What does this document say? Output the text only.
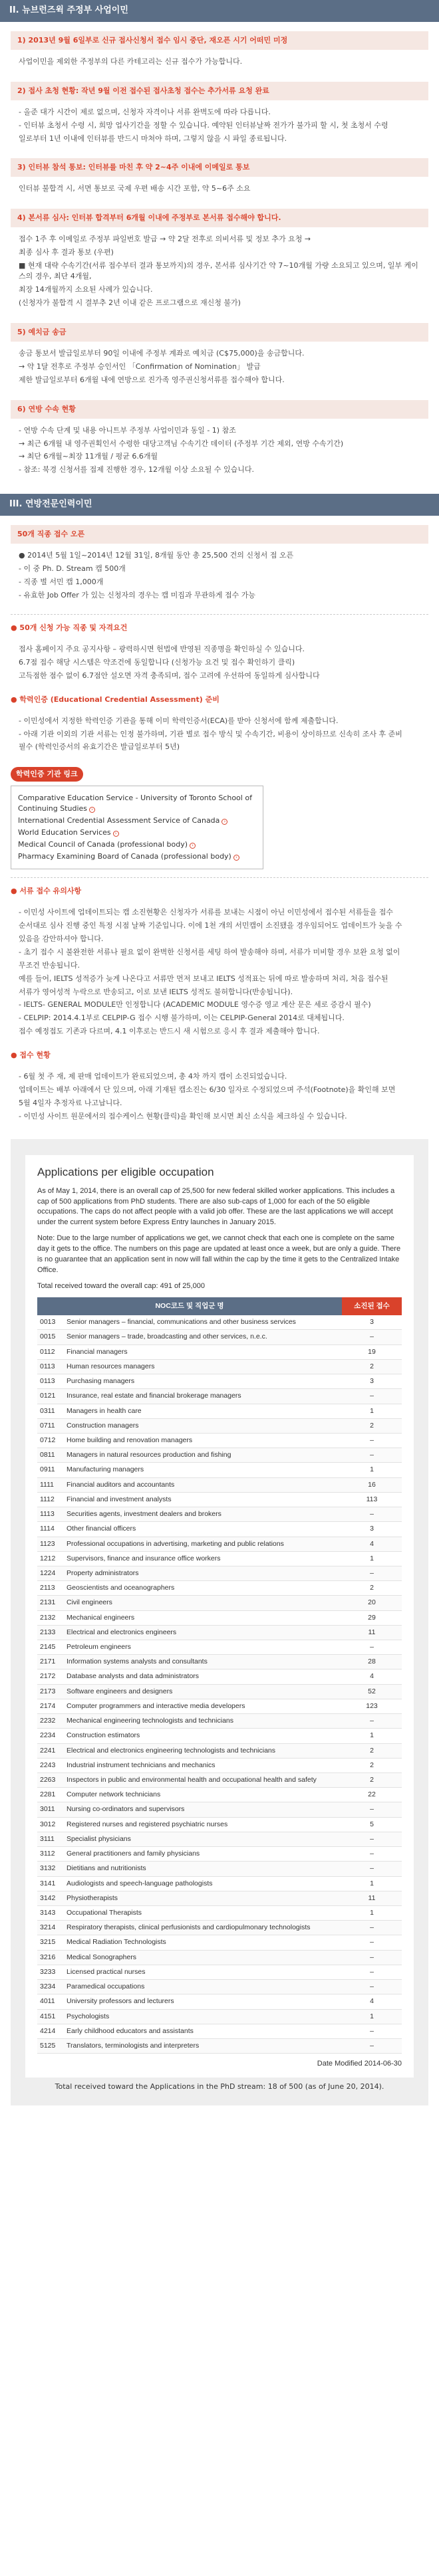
II. 뉴브런즈윅 주정부 사업이민
1) 2013년 9월 6일부로 신규 접사신청서 접수 임시 중단, 재오픈 시기 어떠민 미정

사업이민을 제외한 주정부의 다른 카테고리는 신규 접수가 가능합니다.

2) 접사 초청 현황: 작년 9월 이전 접수된 접사초청 접수는 추가서류 요청 완료

- 올준 대가 시간이 제로 없으며, 신청자 자격이나 서류 완벽도에 따라 다릅니다.

- 인터뷰 초청서 수령 시, 희망 업사기간을 정할 수 있습니다. 예약된 인터뷰날짜 전가가 불가피 할 시, 첫 초청서 수령

일로부터 1년 이내에 인터뷰를 반드시 마쳐야 하며, 그렇지 않을 시 파일 종료됩니다.

3) 인터뷰 참석 통보: 인터뷰를 마친 후 약 2~4주 이내에 이메일로 통보

인터뷰 불합격 시, 서면 통보로 국제 우편 배송 시간 포함, 약 5~6주 소요

4) 본서류 심사: 인터뷰 합격부터 6개월 이내에 주정부로 본서류 접수해야 합니다.

접수 1주 후 이메일로 주정부 파일번호 발급 → 약 2달 전후로 의비서류 및 정보 추가 요청 →

최종 심사 후 결과 통보 (우편)

■ 현재 대략 수속기간(서류 접수부터 결과 통보까지)의 경우, 본서류 심사기간 약 7~10개월 가량 소요되고 있으며, 일부 케이스의 경우, 최단 4개월,

최장 14개월까지 소요된 사례가 있습니다.

(신청자가 불합격 시 결부추 2년 이내 같은 프로그램으로 재신청 불가)

5) 예치금 송금

송금 통보서 발급일로부터 90일 이내에 주정부 계좌로 예치금 (C$75,000)을 송금합니다.

→ 약 1달 전후로 주정부 승인서인 「Confirmation of Nomination」 발급

제한 발급일로부터 6개월 내에 연방으로 진가족 영주권신청서류를 접수해야 합니다.

6) 연방 수속 현황

- 연방 수속 단계 및 내용 아니트부 주정부 사업이민과 동일 - 1) 참조

→ 최근 6개월 내 영주권획인서 수령한 대당고객님 수속기간 데이터 (주정부 기간 제외, 연방 수속기간)

→ 최단 6개월~최장 11개월 / 평균 6.6개월

- 참조: 북경 신청서를 접제 진행한 경우, 12개월 이상 소요될 수 있습니다.

III. 연방전문인력이민
50개 직종 접수 오픈

● 2014년 5월 1일~2014년 12월 31일, 8개월 동안 총 25,500 건의 신청서 접 오픈

- 이 중 Ph. D. Stream 캡 500개

- 직종 별 서민 캡 1,000개

- 유효한 Job Offer 가 있는 신청자의 경우는 캡 미집과 무관하게 접수 가능

● 50개 신청 가능 직종 및 자격요건

접사 홈페이지 주요 공지사항 – 광력하시면 헌법에 반영된 직종명을 확인하실 수 있습니다.

6.7점 접수 해당 시스템은 약조건에 동일합니다 (신청가능 요건 및 접수 확인하기 클릭)

고득점한 점수 없이 6.7점안 설오면 자격 충족되며, 접수 고려에 우선하여 동일하게 심사합니다

● 학력인증 (Educational Credential Assessment) 준비

- 이민성에서 지정한 학력인증 기관을 통해 이미 학력인증서(ECA)를 받아 신청서에 함께 제출합니다.

- 아래 기관 이외의 기관 서류는 인정 불가하며, 기관 별로 접수 방식 및 수속기간, 비용이 상이하므로 신속히 조사 후 준비

필수 (학력인증서의 유효기간은 발급일로부터 5년)

학력인증 기관 링크
Comparative Education Service - University of Toronto School of Continuing Studies ›
International Credential Assessment Service of Canada ›
World Education Services ›
Medical Council of Canada (professional body) ›
Pharmacy Examining Board of Canada (professional body) ›
● 서류 접수 유의사항

- 이민성 사이트에 업데이트되는 캡 소진현황은 신청자가 서류를 보내는 시점이 아닌 이민성에서 접수된 서류들을 접수

순서대로 심사 진행 중인 특정 시점 날짜 기준입니다. 이에 1천 개의 서민캡이 소진됐을 경우임되어도 업데이트가 늦을 수

있음을 감안하셔야 합니다.

- 초기 접수 시 불완전한 서류나 필요 없이 완벽한 신청서를 세팅 하여 발송해야 하며, 서류가 미비할 경우 보완 요청 없이

무조건 반송됩니다.

예를 들어, IELTS 성적증가 늦게 나온다고 서류만 먼저 보내고 IELTS 성적표는 뒤에 따로 발송하며 처리, 처음 접수된

서류가 영어성적 누락으로 반송되고, 이로 보낸 IELTS 성적도 불허합니다(반송됩니다).

- IELTS- GENERAL MODULE만 인정합니다 (ACADEMIC MODULE 영수증 영교 계산 문은 세로 증감시 필수)

- CELPIP: 2014.4.1부로 CELPIP-G 접수 시행 불가하며, 이는 CELPIP-General 2014로 대체됩니다.

접수 예정접도 기존과 다르며, 4.1 이후로는 반드시 새 시험으로 응시 후 결과 제출해야 합니다.

● 접수 현황

- 6월 첫 주 재, 제 판매 업데이트가 완료되었으며, 총 4차 까지 캡이 소진되었습니다.

업데이트는 배부 아래에서 단 있으며, 아래 기재된 캡소진는 6/30 일자로 수정되었으며 주석(Footnote)을 확인해 보면

5월 4일자 추정자료 나고납니다.

- 이민성 사이트 원문에서의 접수케이스 현황(클릭)을 확인해 보시면 최신 소식을 체크하실 수 있습니다.

Applications per eligible occupation

As of May 1, 2014, there is an overall cap of 25,500 for new federal skilled worker applications. This includes a cap of 500 applications from PhD students. There are also sub-caps of 1,000 for each of the 50 eligible occupations. The caps do not affect people with a valid job offer. These are the last applications we will accept under the current system before Express Entry launches in January 2015.

Note: Due to the large number of applications we get, we cannot check that each one is complete on the same day it gets to the office. The numbers on this page are updated at least once a week, but are only a guide. There is no guarantee that an application sent in now will fall within the cap by the time it gets to the Centralized Intake Office.

Total received toward the overall cap: 491 of 25,000

NOC코드 및 직업군 명		소진된 접수
0013	Senior managers – financial, communications and other business services	3
0015	Senior managers – trade, broadcasting and other services, n.e.c.	–
0112	Financial managers	19
0113	Human resources managers	2
0113	Purchasing managers	3
0121	Insurance, real estate and financial brokerage managers	–
0311	Managers in health care	1
0711	Construction managers	2
0712	Home building and renovation managers	–
0811	Managers in natural resources production and fishing	–
0911	Manufacturing managers	1
1111	Financial auditors and accountants	16
1112	Financial and investment analysts	113
1113	Securities agents, investment dealers and brokers	–
1114	Other financial officers	3
1123	Professional occupations in advertising, marketing and public relations	4
1212	Supervisors, finance and insurance office workers	1
1224	Property administrators	–
2113	Geoscientists and oceanographers	2
2131	Civil engineers	20
2132	Mechanical engineers	29
2133	Electrical and electronics engineers	11
2145	Petroleum engineers	–
2171	Information systems analysts and consultants	28
2172	Database analysts and data administrators	4
2173	Software engineers and designers	52
2174	Computer programmers and interactive media developers	123
2232	Mechanical engineering technologists and technicians	–
2234	Construction estimators	1
2241	Electrical and electronics engineering technologists and technicians	2
2243	Industrial instrument technicians and mechanics	2
2263	Inspectors in public and environmental health and occupational health and safety	2
2281	Computer network technicians	22
3011	Nursing co-ordinators and supervisors	–
3012	Registered nurses and registered psychiatric nurses	5
3111	Specialist physicians	–
3112	General practitioners and family physicians	–
3132	Dietitians and nutritionists	–
3141	Audiologists and speech-language pathologists	1
3142	Physiotherapists	11
3143	Occupational Therapists	1
3214	Respiratory therapists, clinical perfusionists and cardiopulmonary technologists	–
3215	Medical Radiation Technologists	–
3216	Medical Sonographers	–
3233	Licensed practical nurses	–
3234	Paramedical occupations	–
4011	University professors and lecturers	4
4151	Psychologists	1
4214	Early childhood educators and assistants	–
5125	Translators, terminologists and interpreters	–
Date Modified 2014-06-30
Total received toward the Applications in the PhD stream: 18 of 500 (as of June 20, 2014).
